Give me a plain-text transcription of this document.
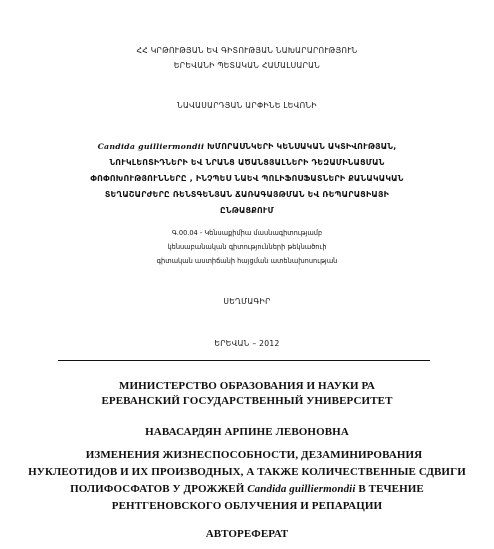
ՀՀ ԿՐԹՈՒԹՅԱՆ ԵՎ ԳԻՏՈՒԹՅԱՆ ՆԱԽԱՐԱՐՈՒԹՅՈՒՆ

ԵՐԵՎԱՆԻ ՊԵՏԱԿԱՆ ՀԱՄԱԼՍԱՐԱՆ

ՆԱՎԱՍԱՐԴՅԱՆ ԱՐՓԻՆԵ ԼԵՎՈՆԻ

Candida guilliermondii ԽՄՈՐԱՍՆԿԵՐԻ ԿԵՆՍԱԿԱՆ ԱԿՏԻՎՈՒԹՅԱՆ,

ՆՈՒԿԼԵՈՏԻԴՆԵՐԻ ԵՎ ՆՐԱՆՑ ԱԾԱՆՑՅԱԼՆԵՐԻ ԴԵԶԱՄԻՆԱՑՄԱՆ

ՓՈՓՈԽՈՒԹՅՈՒՆՆԵՐԸ , ԻՆՉՊԵՍ ՆԱԵՎ ՊՈԼԻՖՈՍՖԱՏՆԵՐԻ ՔԱՆԱԿԱԿԱՆ

ՏԵՂԱՇԱՐԺԵՐԸ ՌԵՆՏԳԵՆՅԱՆ ՃԱՌԱԳԱՅԹՄԱՆ ԵՎ ՌԵՊԱՐԱՑԻԱՅԻ

ԸՆԹԱՑՔՈՒՄ

Գ.00.04 - Կենսաքիմիա մասնագիտությամբ

կենսաբանական գիտությունների թեկնածուի

գիտական աստիճանի հայցման ատենախոսության

ՍԵՂՄԱԳԻՐ

ԵՐԵՎԱՆ – 2012

МИНИСТЕРСТВО ОБРАЗОВАНИЯ И НАУКИ РА

ЕРЕВАНСКИЙ ГОСУДАРСТВЕННЫЙ УНИВЕРСИТЕТ

НАВАСАРДЯН АРПИНЕ ЛЕВОНОВНА

ИЗМЕНЕНИЯ ЖИЗНЕСПОСОБНОСТИ, ДЕЗАМИНИРОВАНИЯ

НУКЛЕОТИДОВ И ИХ ПРОИЗВОДНЫХ, А ТАКЖЕ КОЛИЧЕСТВЕННЫЕ СДВИГИ

ПОЛИФОСФАТОВ У ДРОЖЖЕЙ Candida guilliermondii В ТЕЧЕНИЕ

РЕНТГЕНОВСКОГО ОБЛУЧЕНИЯ И РЕПАРАЦИИ

АВТОРЕФЕРАТ
